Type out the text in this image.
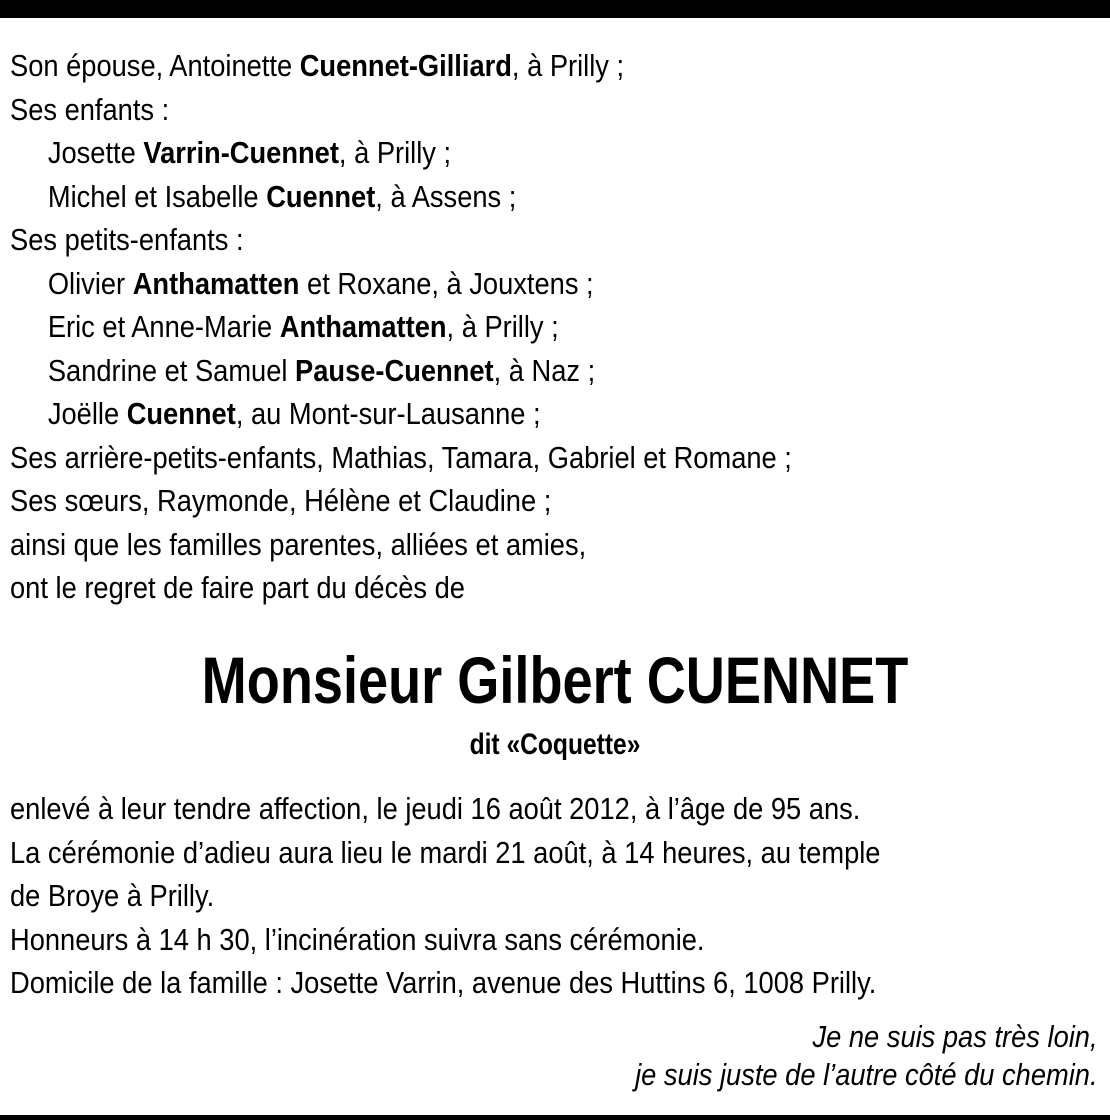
Son épouse, Antoinette Cuennet-Gilliard, à Prilly ;
Ses enfants :
Josette Varrin-Cuennet, à Prilly ;
Michel et Isabelle Cuennet, à Assens ;
Ses petits-enfants :
Olivier Anthamatten et Roxane, à Jouxtens ;
Eric et Anne-Marie Anthamatten, à Prilly ;
Sandrine et Samuel Pause-Cuennet, à Naz ;
Joëlle Cuennet, au Mont-sur-Lausanne ;
Ses arrière-petits-enfants, Mathias, Tamara, Gabriel et Romane ;
Ses sœurs, Raymonde, Hélène et Claudine ;
ainsi que les familles parentes, alliées et amies,
ont le regret de faire part du décès de
Monsieur Gilbert CUENNET
dit «Coquette»
enlevé à leur tendre affection, le jeudi 16 août 2012, à l’âge de 95 ans.
La cérémonie d’adieu aura lieu le mardi 21 août, à 14 heures, au temple
de Broye à Prilly.
Honneurs à 14 h 30, l’incinération suivra sans cérémonie.
Domicile de la famille : Josette Varrin, avenue des Huttins 6, 1008 Prilly.
Je ne suis pas très loin,
je suis juste de l’autre côté du chemin.
